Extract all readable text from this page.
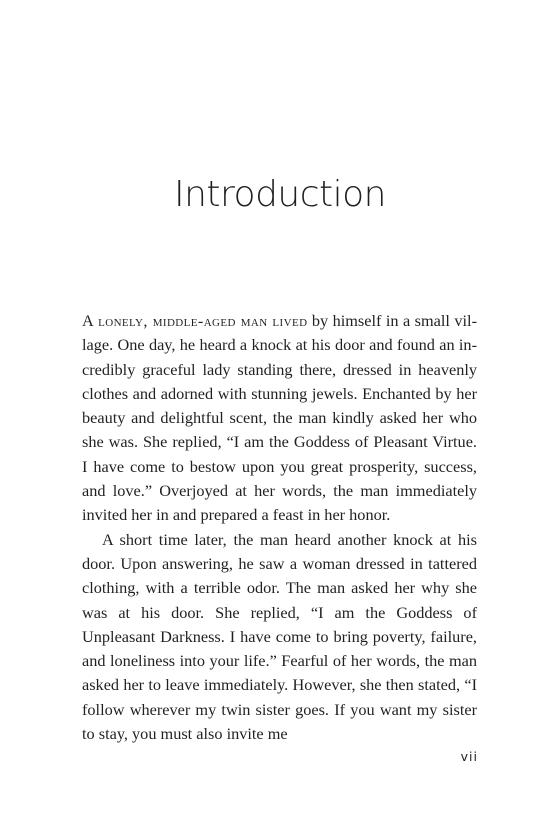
Introduction

A lonely, middle-aged man lived by himself in a small village. One day, he heard a knock at his door and found an incredibly graceful lady standing there, dressed in heavenly clothes and adorned with stunning jewels. Enchanted by her beauty and delightful scent, the man kindly asked her who she was. She replied, “I am the Goddess of Pleasant Virtue. I have come to bestow upon you great prosperity, success, and love.” Overjoyed at her words, the man immediately invited her in and prepared a feast in her honor.

A short time later, the man heard another knock at his door. Upon answering, he saw a woman dressed in tattered clothing, with a terrible odor. The man asked her why she was at his door. She replied, “I am the Goddess of Unpleasant Darkness. I have come to bring poverty, failure, and loneliness into your life.” Fearful of her words, the man asked her to leave immediately. However, she then stated, “I follow wherever my twin sister goes. If you want my sister to stay, you must also invite me

vii
